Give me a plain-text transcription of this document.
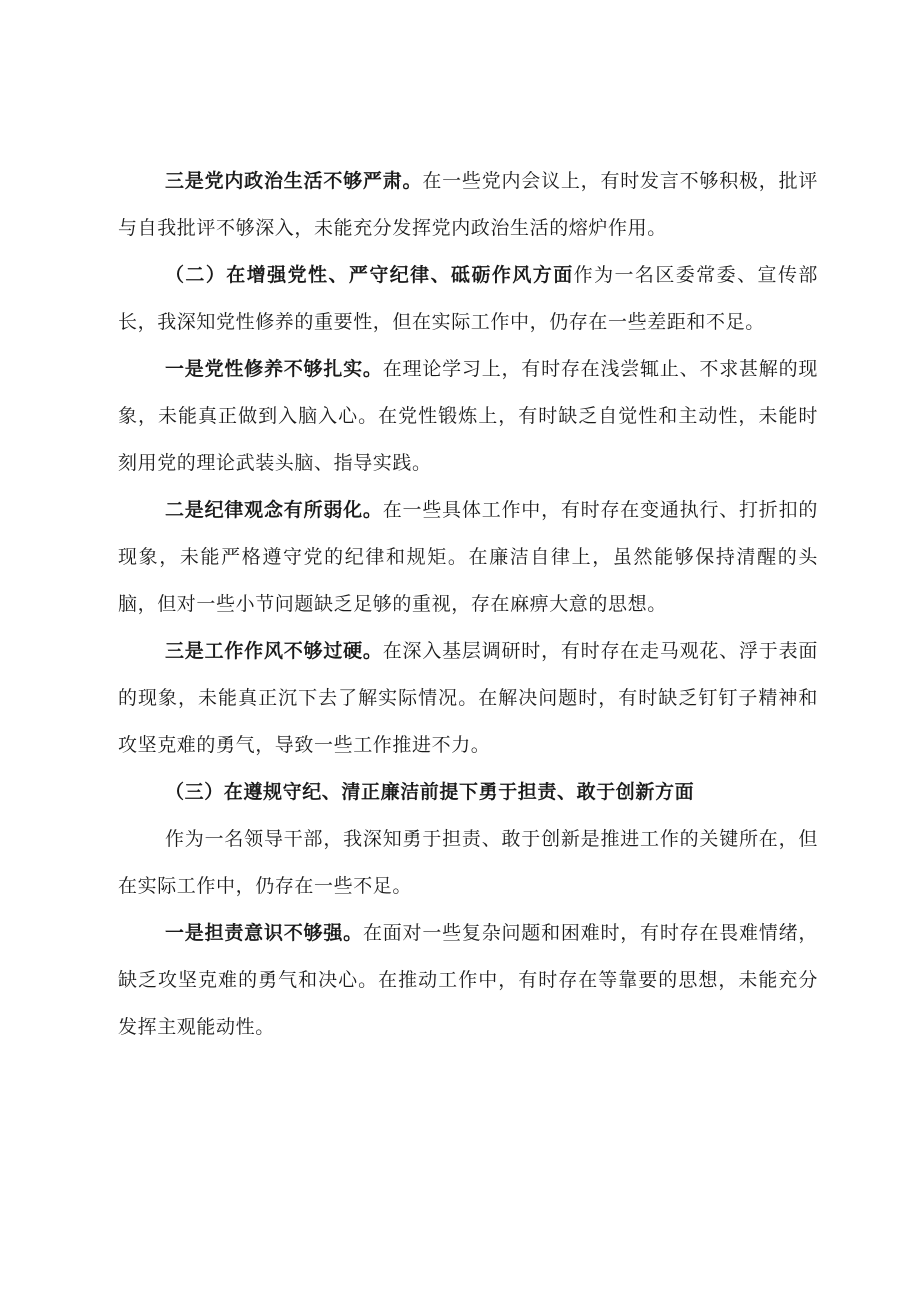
三是党内政治生活不够严肃。在一些党内会议上，有时发言不够积极，批评与自我批评不够深入，未能充分发挥党内政治生活的熔炉作用。

（二）在增强党性、严守纪律、砥砺作风方面作为一名区委常委、宣传部长，我深知党性修养的重要性，但在实际工作中，仍存在一些差距和不足。

一是党性修养不够扎实。在理论学习上，有时存在浅尝辄止、不求甚解的现象，未能真正做到入脑入心。在党性锻炼上，有时缺乏自觉性和主动性，未能时刻用党的理论武装头脑、指导实践。

二是纪律观念有所弱化。在一些具体工作中，有时存在变通执行、打折扣的现象，未能严格遵守党的纪律和规矩。在廉洁自律上，虽然能够保持清醒的头脑，但对一些小节问题缺乏足够的重视，存在麻痹大意的思想。

三是工作作风不够过硬。在深入基层调研时，有时存在走马观花、浮于表面的现象，未能真正沉下去了解实际情况。在解决问题时，有时缺乏钉钉子精神和攻坚克难的勇气，导致一些工作推进不力。

（三）在遵规守纪、清正廉洁前提下勇于担责、敢于创新方面

作为一名领导干部，我深知勇于担责、敢于创新是推进工作的关键所在，但在实际工作中，仍存在一些不足。

一是担责意识不够强。在面对一些复杂问题和困难时，有时存在畏难情绪，缺乏攻坚克难的勇气和决心。在推动工作中，有时存在等靠要的思想，未能充分发挥主观能动性。
